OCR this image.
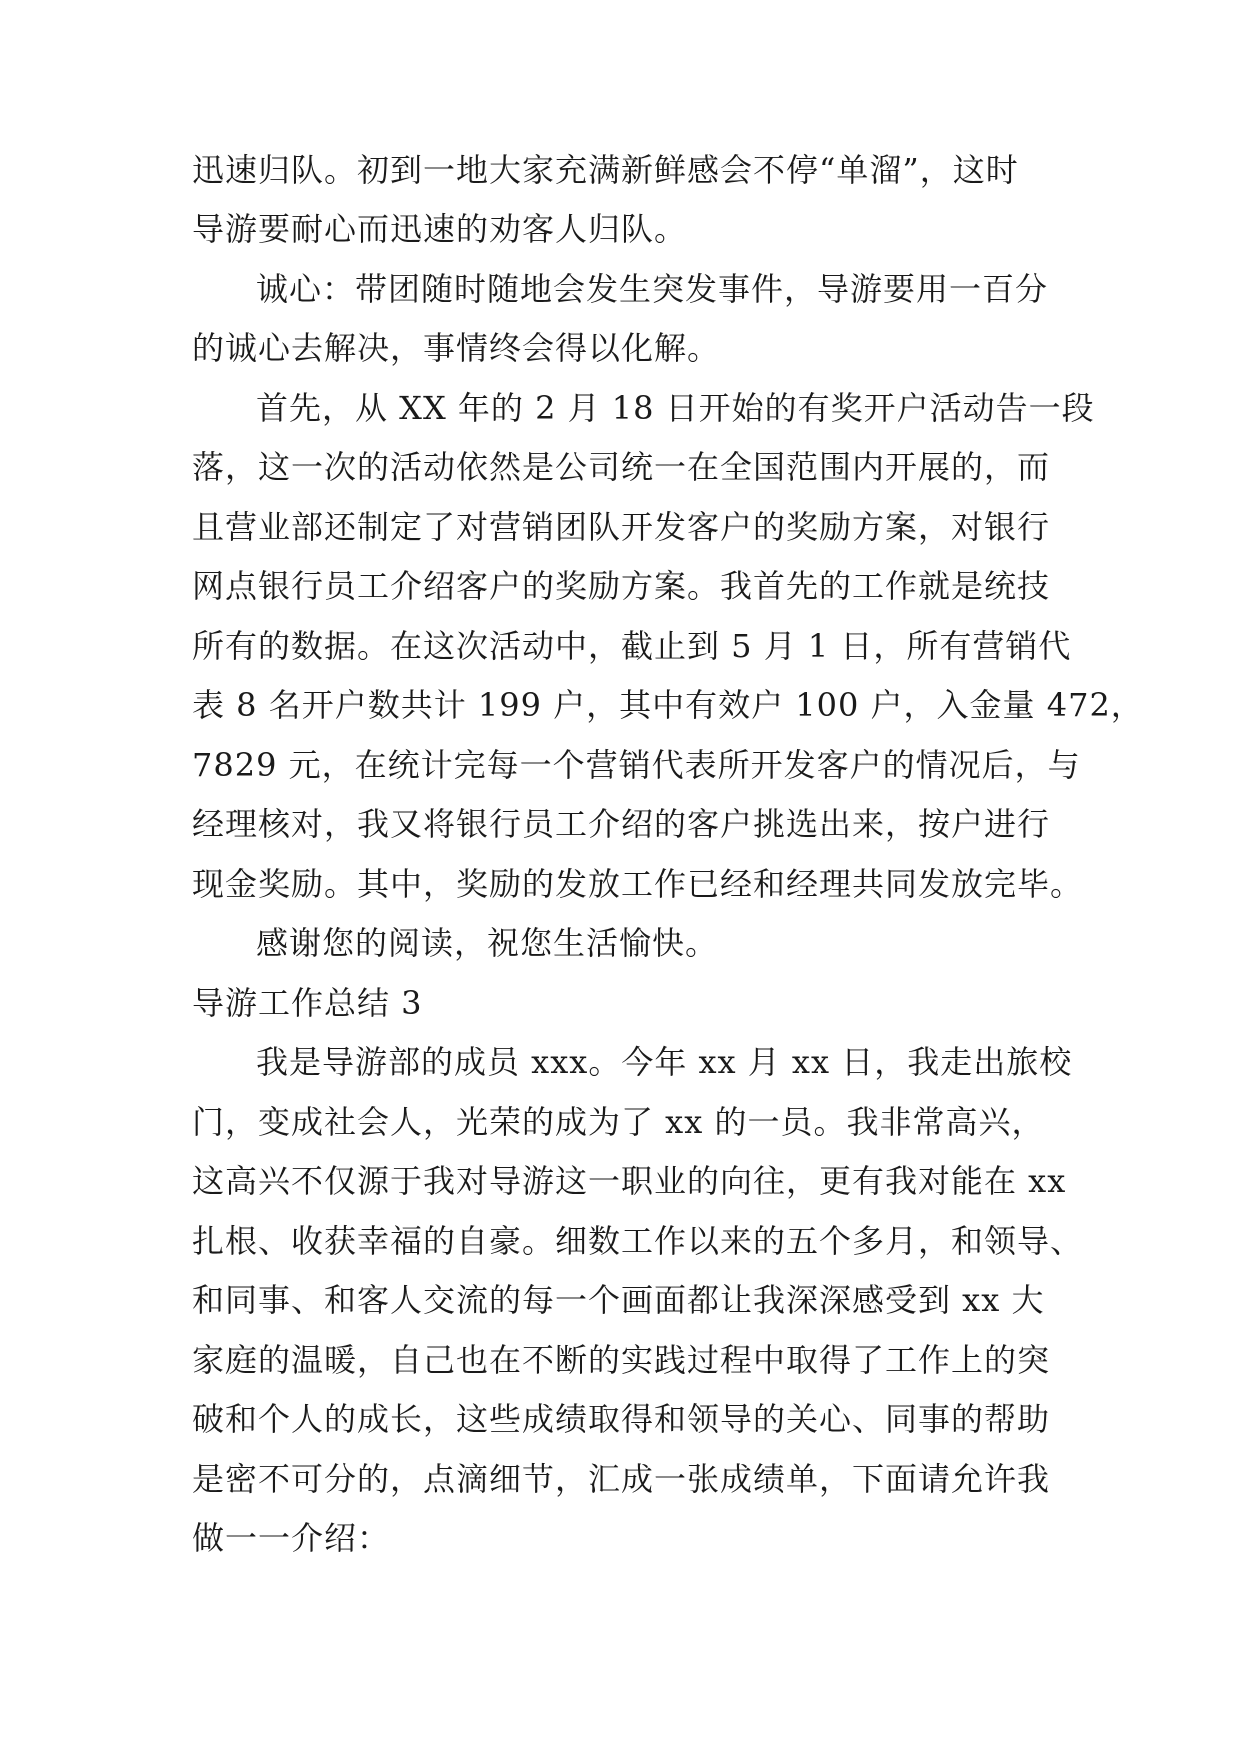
迅速归队。初到一地大家充满新鲜感会不停“单溜”，这时
导游要耐心而迅速的劝客人归队。
诚心：带团随时随地会发生突发事件，导游要用一百分
的诚心去解决，事情终会得以化解。
首先，从 XX 年的 2 月 18 日开始的有奖开户活动告一段
落，这一次的活动依然是公司统一在全国范围内开展的，而
且营业部还制定了对营销团队开发客户的奖励方案，对银行
网点银行员工介绍客户的奖励方案。我首先的工作就是统技
所有的数据。在这次活动中，截止到 5 月 1 日，所有营销代
表 8 名开户数共计 199 户，其中有效户 100 户，入金量 472，
7829 元，在统计完每一个营销代表所开发客户的情况后，与
经理核对，我又将银行员工介绍的客户挑选出来，按户进行
现金奖励。其中，奖励的发放工作已经和经理共同发放完毕。
感谢您的阅读，祝您生活愉快。
导游工作总结 3
我是导游部的成员 xxx。今年 xx 月 xx 日，我走出旅校
门，变成社会人，光荣的成为了 xx 的一员。我非常高兴，
这高兴不仅源于我对导游这一职业的向往，更有我对能在 xx
扎根、收获幸福的自豪。细数工作以来的五个多月，和领导、
和同事、和客人交流的每一个画面都让我深深感受到 xx 大
家庭的温暖，自己也在不断的实践过程中取得了工作上的突
破和个人的成长，这些成绩取得和领导的关心、同事的帮助
是密不可分的，点滴细节，汇成一张成绩单，下面请允许我
做一一介绍：
